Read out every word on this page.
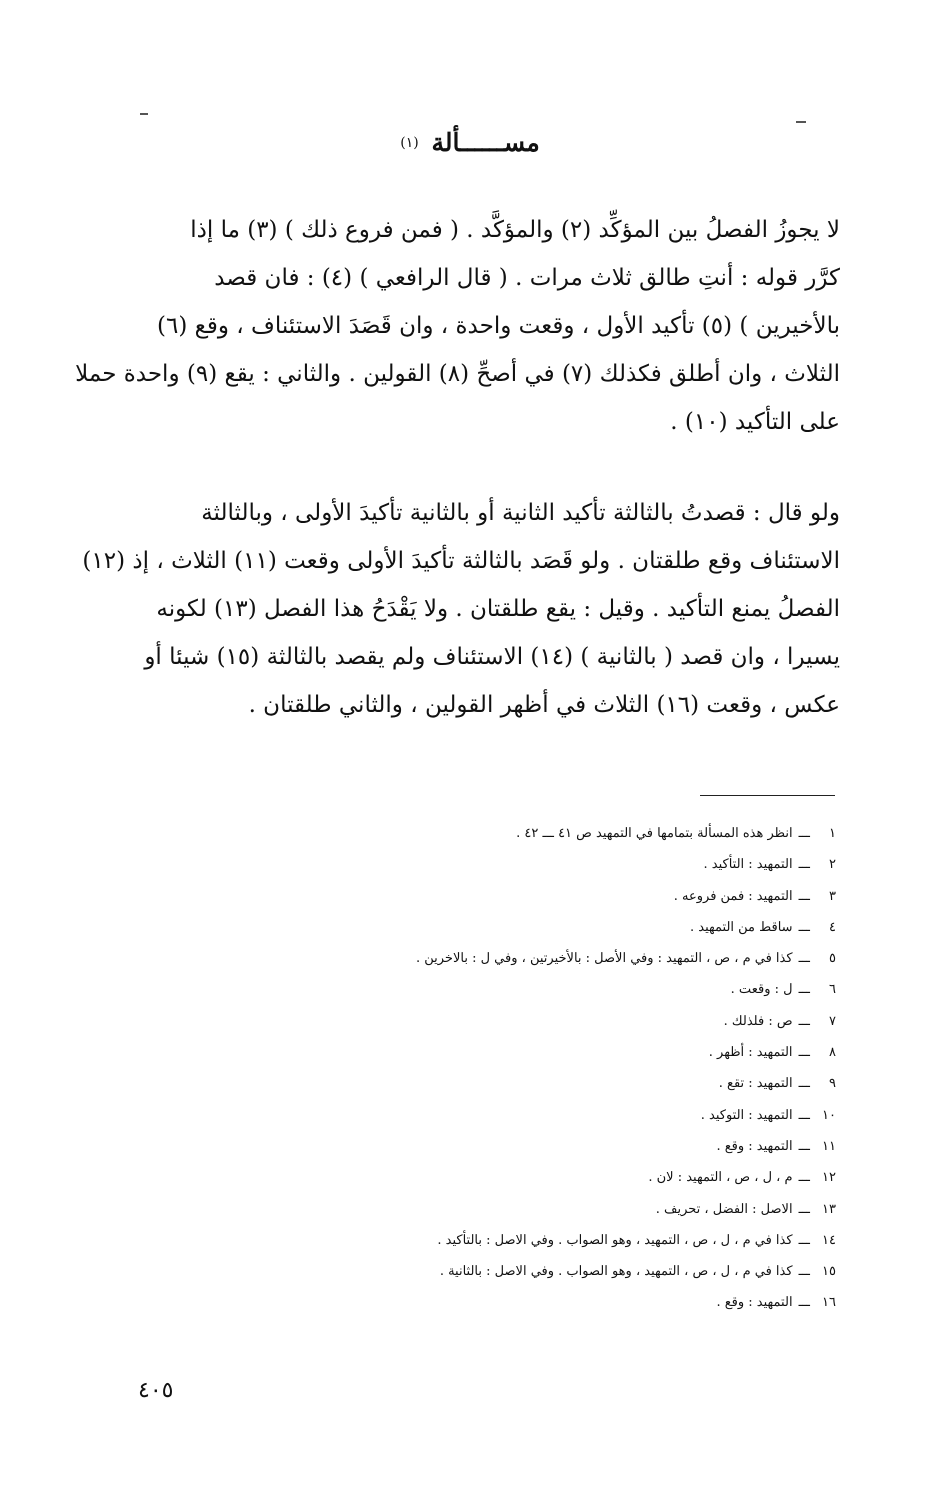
مســــــألة (١)
لا يجوزُ الفصلُ بين المؤكِّد (٢) والمؤكَّد . ( فمن فروع ذلك ) (٣) ما إذا
كرَّر قوله : أنتِ طالق ثلاث مرات . ( قال الرافعي ) (٤) : فان قصد
بالأخيرين ) (٥) تأكيد الأول ، وقعت واحدة ، وان قَصَدَ الاستئناف ، وقع (٦)
الثلاث ، وان أطلق فكذلك (٧) في أصحِّ (٨) القولين . والثاني : يقع (٩) واحدة حملا
على التأكيد (١٠) .
ولو قال : قصدتُ بالثالثة تأكيد الثانية أو بالثانية تأكيدَ الأولى ، وبالثالثة
الاستئناف وقع طلقتان . ولو قَصَد بالثالثة تأكيدَ الأولى وقعت (١١) الثلاث ، إذ (١٢)
الفصلُ يمنع التأكيد . وقيل : يقع طلقتان . ولا يَقْدَحُ هذا الفصل (١٣) لكونه
يسيرا ، وان قصد ( بالثانية ) (١٤) الاستئناف ولم يقصد بالثالثة (١٥) شيئا أو
عكس ، وقعت (١٦) الثلاث في أظهر القولين ، والثاني طلقتان .
١ـــانظر هذه المسألة بتمامها في التمهيد ص ٤١ ـــ ٤٢ .
٢ـــالتمهيد : التأكيد .
٣ـــالتمهيد : فمن فروعه .
٤ـــساقط من التمهيد .
٥ـــكذا في م ، ص ، التمهيد : وفي الأصل : بالأخيرتين ، وفي ل : بالاخرين .
٦ـــل : وقعت .
٧ـــص : فلذلك .
٨ـــالتمهيد : أظهر .
٩ـــالتمهيد : تقع .
١٠ـــالتمهيد : التوكيد .
١١ـــالتمهيد : وقع .
١٢ـــم ، ل ، ص ، التمهيد : لان .
١٣ـــالاصل : الفضل ، تحريف .
١٤ـــكذا في م ، ل ، ص ، التمهيد ، وهو الصواب . وفي الاصل : بالتأكيد .
١٥ـــكذا في م ، ل ، ص ، التمهيد ، وهو الصواب . وفي الاصل : بالثانية .
١٦ـــالتمهيد : وقع .
٤٠٥
